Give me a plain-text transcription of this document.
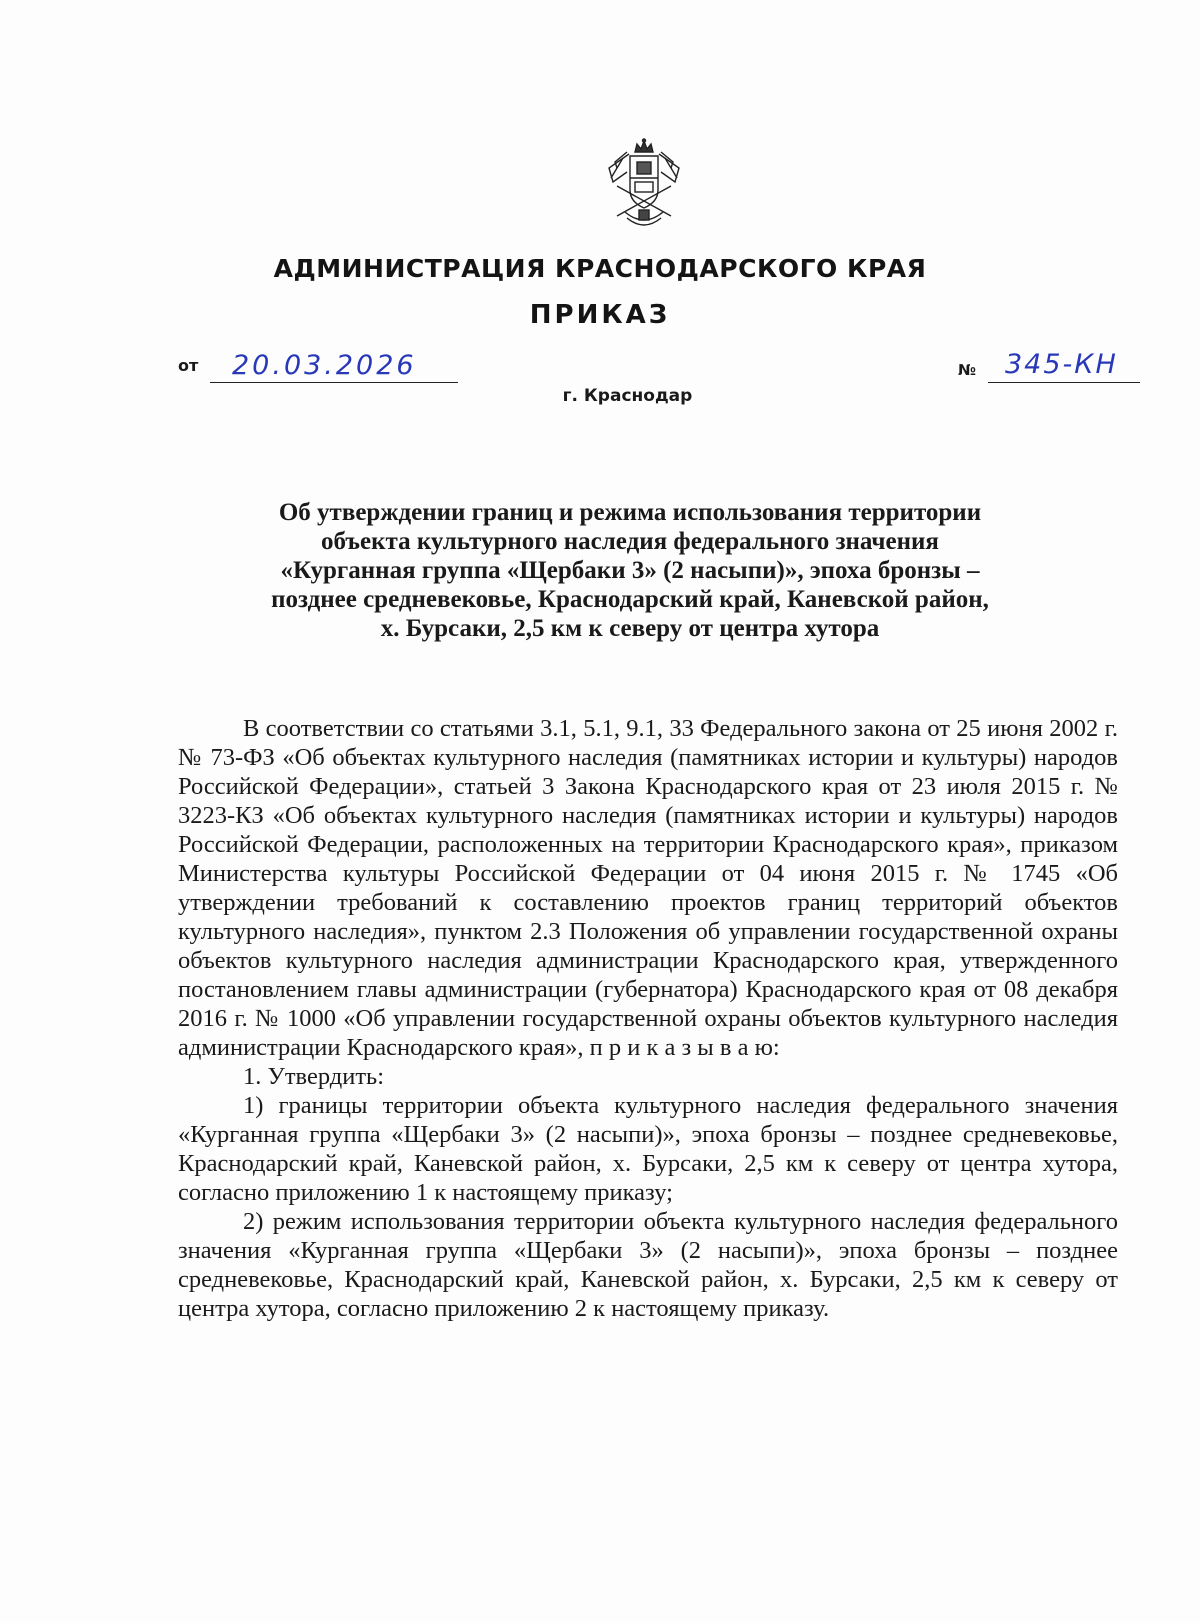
АДМИНИСТРАЦИЯ КРАСНОДАРСКОГО КРАЯ
ПРИКАЗ
от 20.03.2026	№ 345-КН
г. Краснодар
Об утверждении границ и режима использования территории
объекта культурного наследия федерального значения
«Курганная группа «Щербаки 3» (2 насыпи)», эпоха бронзы –
позднее средневековье, Краснодарский край, Каневской район,
х. Бурсаки, 2,5 км к северу от центра хутора

В соответствии со статьями 3.1, 5.1, 9.1, 33 Федерального закона от 25 июня 2002 г. № 73-ФЗ «Об объектах культурного наследия (памятниках истории и культуры) народов Российской Федерации», статьей 3 Закона Краснодарского края от 23 июля 2015 г. № 3223-КЗ «Об объектах культурного наследия (памятниках истории и культуры) народов Российской Федерации, расположенных на территории Краснодарского края», приказом Министерства культуры Российской Федерации от 04 июня 2015 г. № 1745 «Об утверждении требований к составлению проектов границ территорий объектов культурного наследия», пунктом 2.3 Положения об управлении государственной охраны объектов культурного наследия администрации Краснодарского края, утвержденного постановлением главы администрации (губернатора) Краснодарского края от 08 декабря 2016 г. № 1000 «Об управлении государственной охраны объектов культурного наследия администрации Краснодарского края», п р и к а з ы в а ю:

1. Утвердить:

1) границы территории объекта культурного наследия федерального значения «Курганная группа «Щербаки 3» (2 насыпи)», эпоха бронзы – позднее средневековье, Краснодарский край, Каневской район, х. Бурсаки, 2,5 км к северу от центра хутора, согласно приложению 1 к настоящему приказу;

2) режим использования территории объекта культурного наследия федерального значения «Курганная группа «Щербаки 3» (2 насыпи)», эпоха бронзы – позднее средневековье, Краснодарский край, Каневской район, х. Бурсаки, 2,5 км к северу от центра хутора, согласно приложению 2 к настоящему приказу.
